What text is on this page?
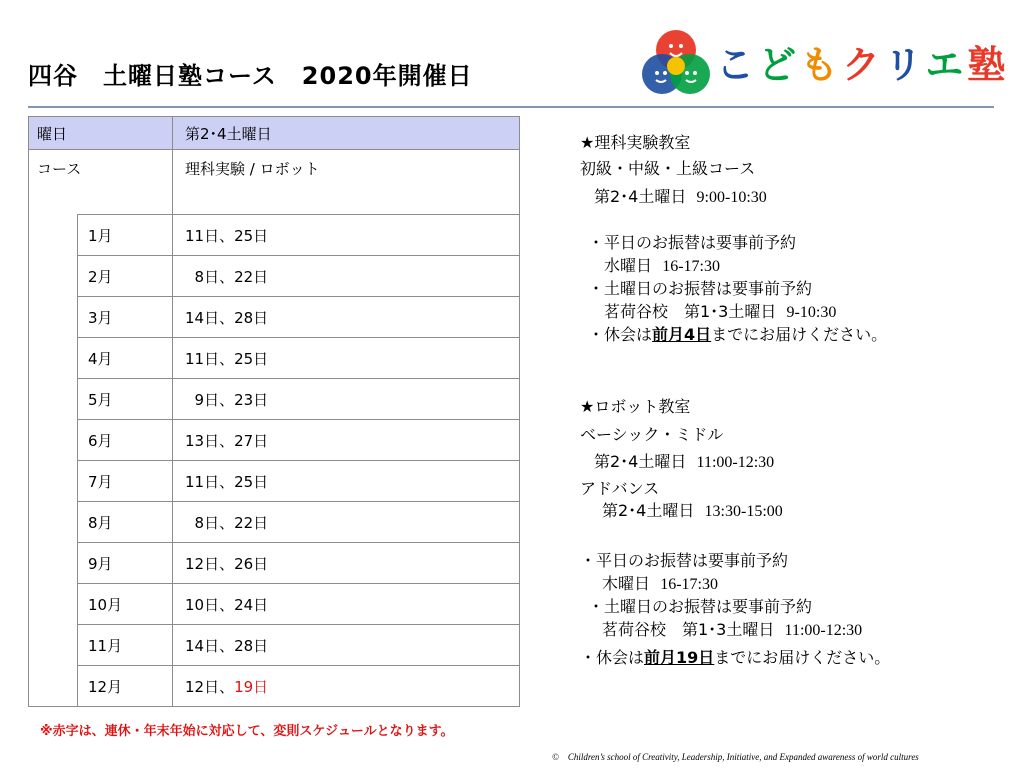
四谷　土曜日塾コース　2020年開催日	こどもクリエ塾
曜日		第2･4土曜日
コース		理科実験 / ロボット
	1月	11日、25日
	2月	8日、22日
	3月	14日、28日
	4月	11日、25日
	5月	9日、23日
	6月	13日、27日
	7月	11日、25日
	8月	8日、22日
	9月	12日、26日
	10月	10日、24日
	11月	14日、28日
	12月	12日、19日
★理科実験教室
初級・中級・上級コース
第2･4土曜日 9:00-10:30
・平日のお振替は要事前予約
水曜日 16-17:30
・土曜日のお振替は要事前予約
茗荷谷校　第1･3土曜日 9-10:30
・休会は前月4日までにお届けください。
★ロボット教室
ベーシック・ミドル
第2･4土曜日 11:00-12:30
アドバンス
第2･4土曜日 13:30-15:00
・平日のお振替は要事前予約
木曜日 16-17:30
・土曜日のお振替は要事前予約
茗荷谷校　第1･3土曜日 11:00-12:30
・休会は前月19日までにお届けください。
※赤字は、連休・年末年始に対応して、変則スケジュールとなります。
©　Children’s school of Creativity, Leadership, Initiative, and Expanded awareness of world cultures
